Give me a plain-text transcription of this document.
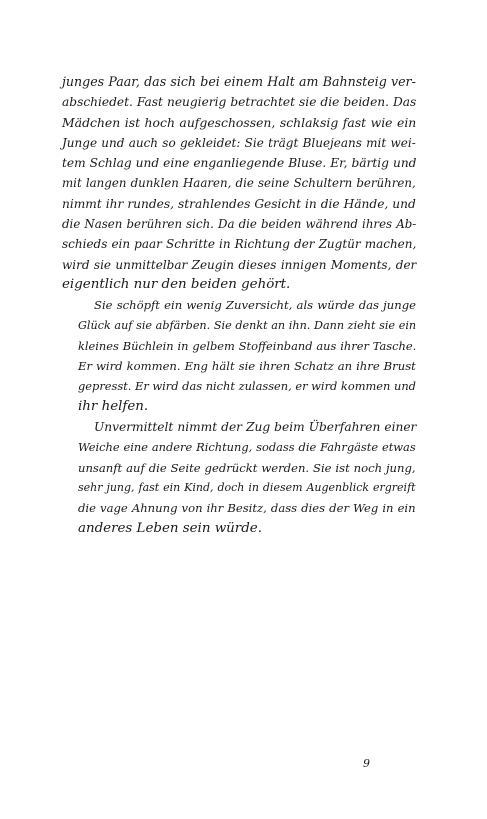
junges Paar, das sich bei einem Halt am Bahnsteig ver-
abschiedet. Fast neugierig betrachtet sie die beiden. Das
Mädchen ist hoch aufgeschossen, schlaksig fast wie ein
Junge und auch so gekleidet: Sie trägt Bluejeans mit wei-
tem Schlag und eine enganliegende Bluse. Er, bärtig und
mit langen dunklen Haaren, die seine Schultern berühren,
nimmt ihr rundes, strahlendes Gesicht in die Hände, und
die Nasen berühren sich. Da die beiden während ihres Ab-
schieds ein paar Schritte in Richtung der Zugtür machen,
wird sie unmittelbar Zeugin dieses innigen Moments, der
eigentlich nur den beiden gehört.

Sie schöpft ein wenig Zuversicht, als würde das junge
Glück auf sie abfärben. Sie denkt an ihn. Dann zieht sie ein
kleines Büchlein in gelbem Stoffeinband aus ihrer Tasche.
Er wird kommen. Eng hält sie ihren Schatz an ihre Brust
gepresst. Er wird das nicht zulassen, er wird kommen und
ihr helfen.

Unvermittelt nimmt der Zug beim Überfahren einer
Weiche eine andere Richtung, sodass die Fahrgäste etwas
unsanft auf die Seite gedrückt werden. Sie ist noch jung,
sehr jung, fast ein Kind, doch in diesem Augenblick ergreift
die vage Ahnung von ihr Besitz, dass dies der Weg in ein
anderes Leben sein würde.

9
